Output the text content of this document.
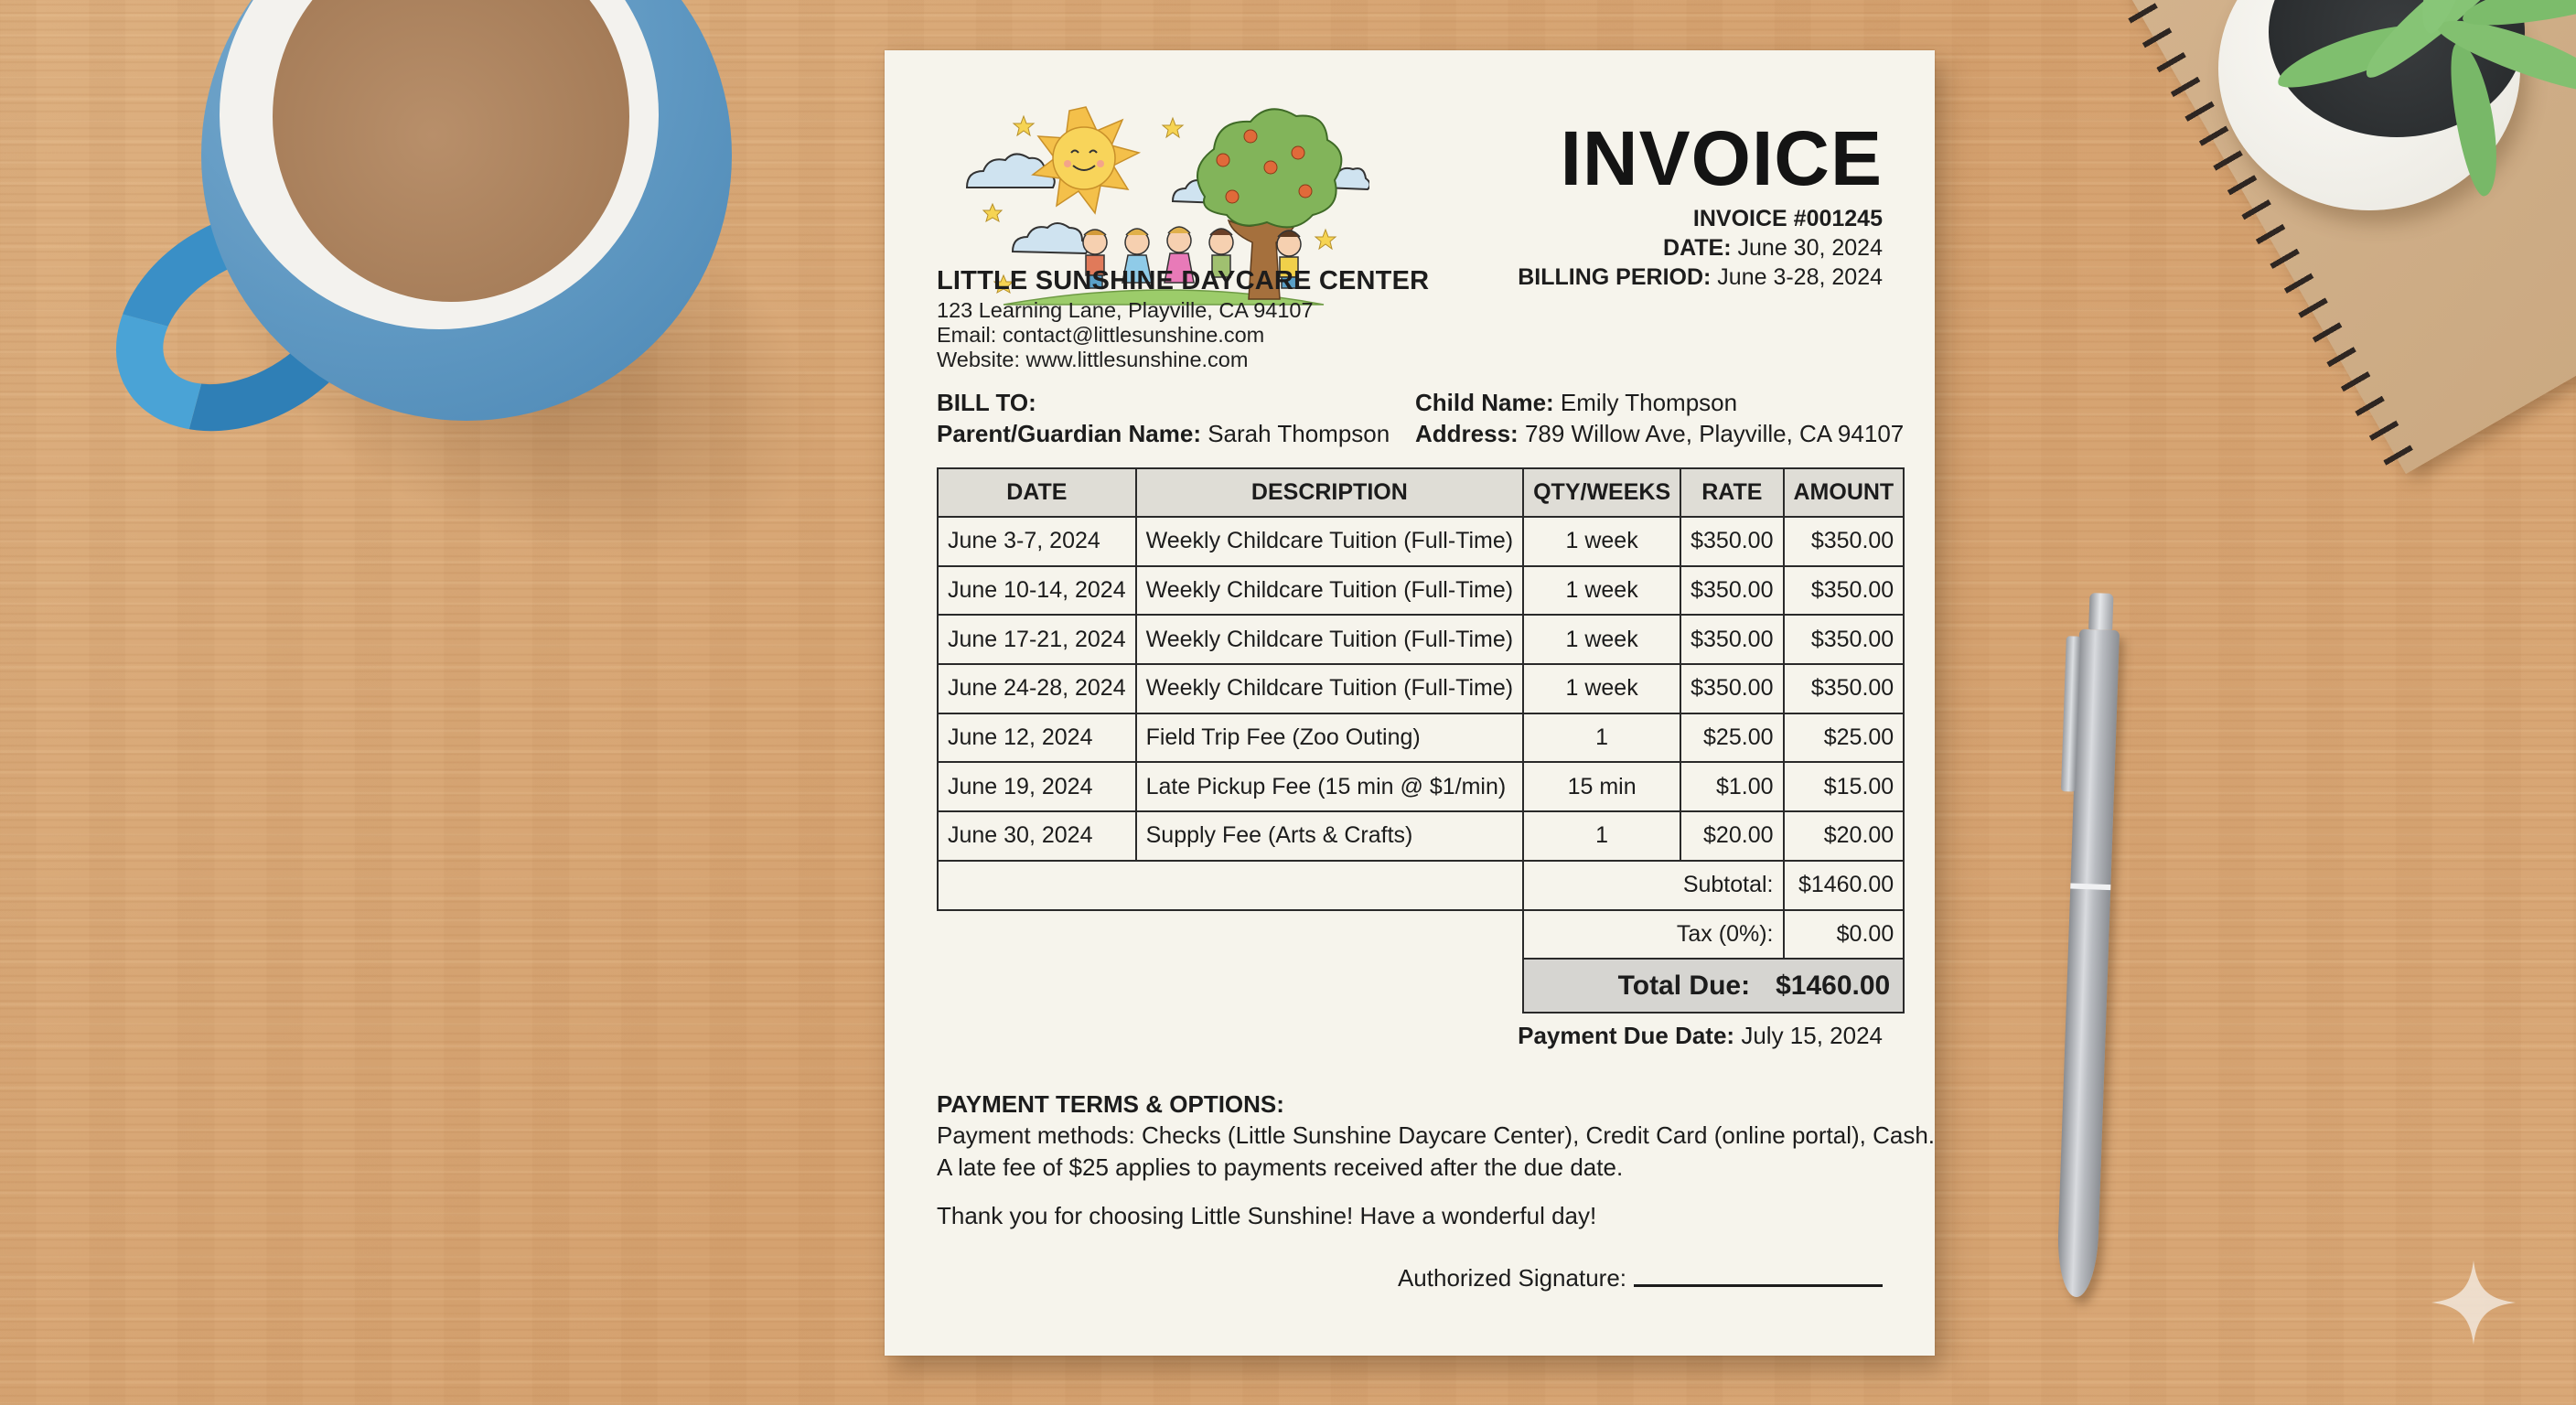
LITTLE SUNSHINE DAYCARE CENTER
123 Learning Lane, Playville, CA 94107
Email: contact@littlesunshine.com
Website: www.littlesunshine.com
INVOICE
INVOICE #001245
DATE: June 30, 2024
BILLING PERIOD: June 3-28, 2024
BILL TO:
Parent/Guardian Name: Sarah Thompson
Child Name: Emily Thompson
Address: 789 Willow Ave, Playville, CA 94107
DATE	DESCRIPTION	QTY/WEEKS	RATE	AMOUNT
June 3-7, 2024	Weekly Childcare Tuition (Full-Time)	1 week	$350.00	$350.00
June 10-14, 2024	Weekly Childcare Tuition (Full-Time)	1 week	$350.00	$350.00
June 17-21, 2024	Weekly Childcare Tuition (Full-Time)	1 week	$350.00	$350.00
June 24-28, 2024	Weekly Childcare Tuition (Full-Time)	1 week	$350.00	$350.00
June 12, 2024	Field Trip Fee (Zoo Outing)	1	$25.00	$25.00
June 19, 2024	Late Pickup Fee (15 min @ $1/min)	15 min	$1.00	$15.00
June 30, 2024	Supply Fee (Arts & Crafts)	1	$20.00	$20.00
		Subtotal:		$1460.00
		Tax (0%):		$0.00
		Total Due: $1460.00		
Payment Due Date: July 15, 2024
PAYMENT TERMS & OPTIONS:
Payment methods: Checks (Little Sunshine Daycare Center), Credit Card (online portal), Cash.
A late fee of $25 applies to payments received after the due date.
Thank you for choosing Little Sunshine! Have a wonderful day!
Authorized Signature:
